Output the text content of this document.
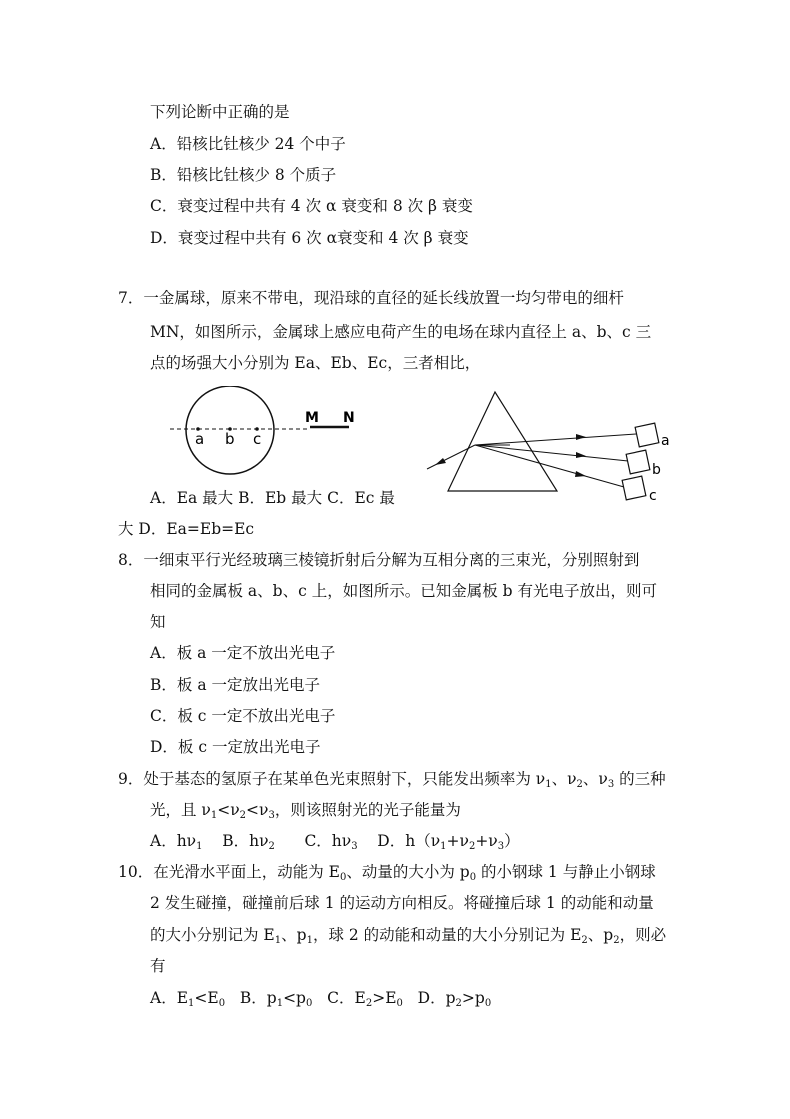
下列论断中正确的是
A．铅核比钍核少 24 个中子
B．铅核比钍核少 8 个质子
C．衰变过程中共有 4 次 α 衰变和 8 次 β 衰变
D．衰变过程中共有 6 次 α衰变和 4 次 β 衰变
7．一金属球，原来不带电，现沿球的直径的延长线放置一均匀带电的细杆
MN，如图所示，金属球上感应电荷产生的电场在球内直径上 a、b、c 三
点的场强大小分别为 Ea、Eb、Ec，三者相比，
a b c
M N
a
b
c
A．Ea 最大 B．Eb 最大 C．Ec 最
大 D．Ea=Eb=Ec
8．一细束平行光经玻璃三棱镜折射后分解为互相分离的三束光，分别照射到
相同的金属板 a、b、c 上，如图所示。已知金属板 b 有光电子放出，则可
知
A．板 a 一定不放出光电子
B．板 a 一定放出光电子
C．板 c 一定不放出光电子
D．板 c 一定放出光电子
9．处于基态的氢原子在某单色光束照射下，只能发出频率为 $\nu_1$、$\nu_2$、$\nu_3$ 的三种
光，且 $\nu_1<\nu_2<\nu_3$，则该照射光的光子能量为
A．$h\nu_1$ B．$h\nu_2$ C．$h\nu_3$ D．$h(\nu_1+\nu_2+\nu_3)$
10．在光滑水平面上，动能为 $E_0$、动量的大小为 $p_0$ 的小钢球 1 与静止小钢球
2 发生碰撞，碰撞前后球 1 的运动方向相反。将碰撞后球 1 的动能和动量
的大小分别记为 $E_1$、$p_1$，球 2 的动能和动量的大小分别记为 $E_2$、$p_2$，则必
有
A．$E_1<E_0$ B．$p_1<p_0$ C．$E_2>E_0$ D．$p_2>p_0$
